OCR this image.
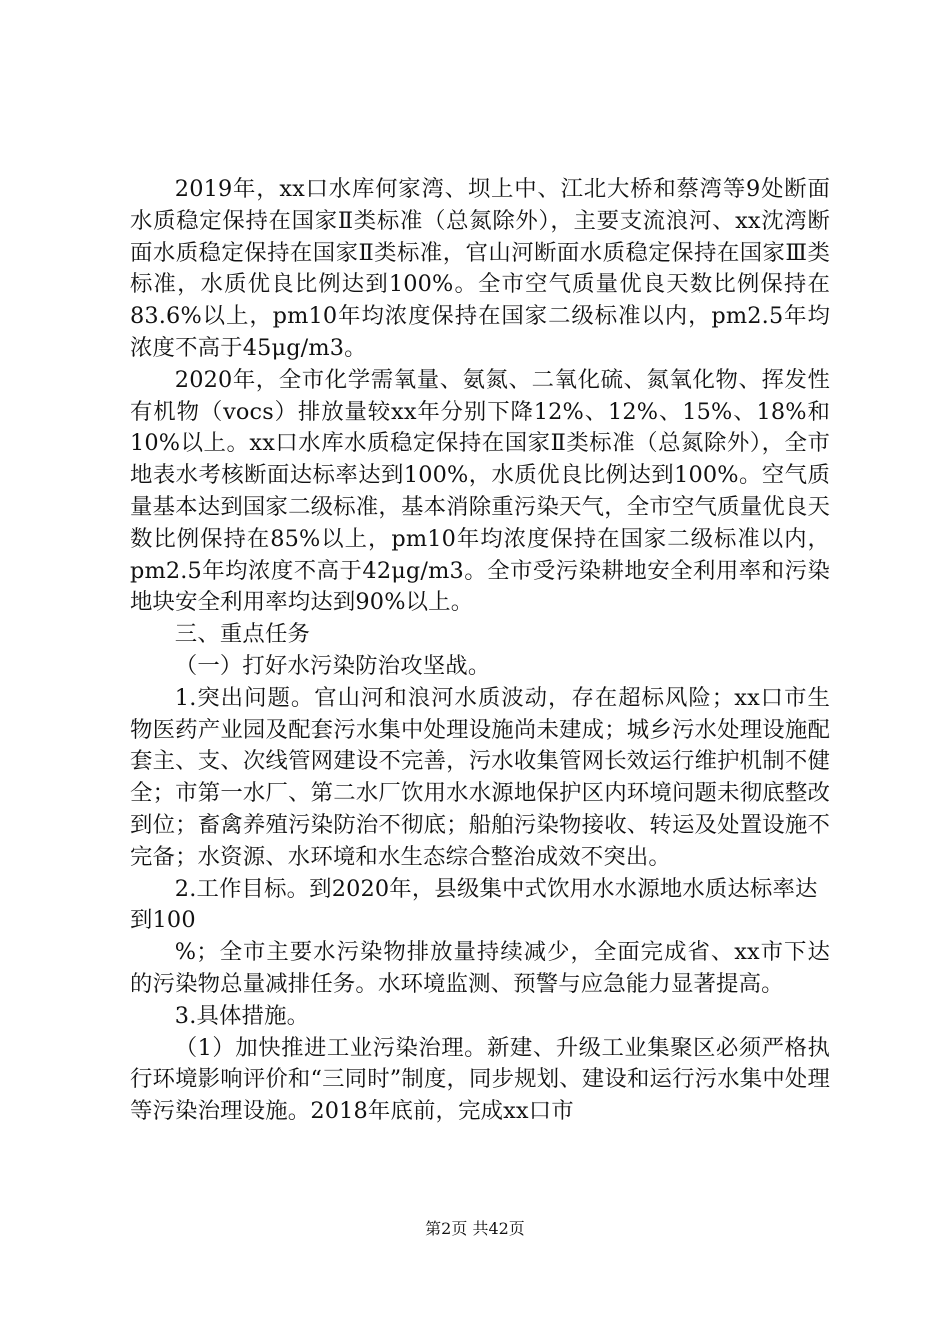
2019年，xx口水库何家湾、坝上中、江北大桥和蔡湾等9处断面水质稳定保持在国家Ⅱ类标准（总氮除外），主要支流浪河、xx沈湾断面水质稳定保持在国家Ⅱ类标准，官山河断面水质稳定保持在国家Ⅲ类标准，水质优良比例达到100%。全市空气质量优良天数比例保持在83.6%以上，pm10年均浓度保持在国家二级标准以内，pm2.5年均浓度不高于45μg/m3。

2020年，全市化学需氧量、氨氮、二氧化硫、氮氧化物、挥发性有机物（vocs）排放量较xx年分别下降12%、12%、15%、18%和10%以上。xx口水库水质稳定保持在国家Ⅱ类标准（总氮除外），全市地表水考核断面达标率达到100%，水质优良比例达到100%。空气质量基本达到国家二级标准，基本消除重污染天气，全市空气质量优良天数比例保持在85%以上，pm10年均浓度保持在国家二级标准以内，pm2.5年均浓度不高于42μg/m3。全市受污染耕地安全利用率和污染地块安全利用率均达到90%以上。

三、重点任务

（一）打好水污染防治攻坚战。

1.突出问题。官山河和浪河水质波动，存在超标风险；xx口市生物医药产业园及配套污水集中处理设施尚未建成；城乡污水处理设施配套主、支、次线管网建设不完善，污水收集管网长效运行维护机制不健全；市第一水厂、第二水厂饮用水水源地保护区内环境问题未彻底整改到位；畜禽养殖污染防治不彻底；船舶污染物接收、转运及处置设施不完备；水资源、水环境和水生态综合整治成效不突出。

2.工作目标。到2020年，县级集中式饮用水水源地水质达标率达到100

%；全市主要水污染物排放量持续减少，全面完成省、xx市下达的污染物总量减排任务。水环境监测、预警与应急能力显著提高。

3.具体措施。

（1）加快推进工业污染治理。新建、升级工业集聚区必须严格执行环境影响评价和“三同时”制度，同步规划、建设和运行污水集中处理等污染治理设施。2018年底前，完成xx口市

第2页 共42页
